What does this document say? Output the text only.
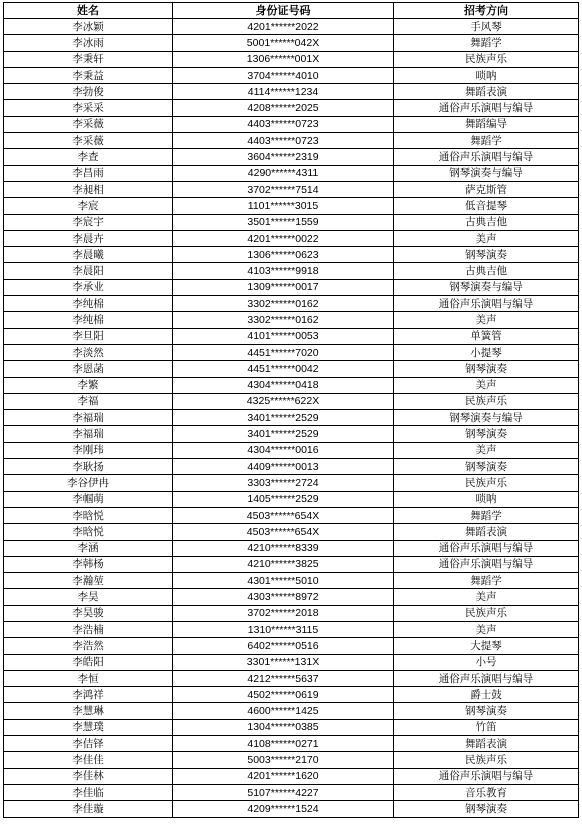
姓名	身份证号码	招考方向
李冰颖	4201******2022	手风琴
李冰雨	5001******042X	舞蹈学
李秉轩	1306******001X	民族声乐
李秉益	3704******4010	唢呐
李勃俊	4114******1234	舞蹈表演
李采采	4208******2025	通俗声乐演唱与编导
李采薇	4403******0723	舞蹈编导
李采薇	4403******0723	舞蹈学
李查	3604******2319	通俗声乐演唱与编导
李昌雨	4290******4311	钢琴演奏与编导
李昶相	3702******7514	萨克斯管
李宸	1101******3015	低音提琴
李宸宇	3501******1559	古典吉他
李晨卉	4201******0022	美声
李晨曦	1306******0623	钢琴演奏
李晨阳	4103******9918	古典吉他
李承业	1309******0017	钢琴演奏与编导
李纯棉	3302******0162	通俗声乐演唱与编导
李纯棉	3302******0162	美声
李旦阳	4101******0053	单簧管
李淡然	4451******7020	小提琴
李恩菡	4451******0042	钢琴演奏
李繁	4304******0418	美声
李福	4325******622X	民族声乐
李福瑞	3401******2529	钢琴演奏与编导
李福瑞	3401******2529	钢琴演奏
李刚玮	4304******0016	美声
李耿扬	4409******0013	钢琴演奏
李谷伊冉	3303******2724	民族声乐
李帼萌	1405******2529	唢呐
李晗悦	4503******654X	舞蹈学
李晗悦	4503******654X	舞蹈表演
李涵	4210******8339	通俗声乐演唱与编导
李韩杨	4210******3825	通俗声乐演唱与编导
李瀚堃	4301******5010	舞蹈学
李昊	4303******8972	美声
李昊骏	3702******2018	民族声乐
李浩楠	1310******3115	美声
李浩然	6402******0516	大提琴
李皓阳	3301******131X	小号
李恒	4212******5637	通俗声乐演唱与编导
李鸿祥	4502******0619	爵士鼓
李慧琳	4600******1425	钢琴演奏
李慧璞	1304******0385	竹笛
李佶铎	4108******0271	舞蹈表演
李佳佳	5003******2170	民族声乐
李佳林	4201******1620	通俗声乐演唱与编导
李佳临	5107******4227	音乐教育
李佳璇	4209******1524	钢琴演奏
